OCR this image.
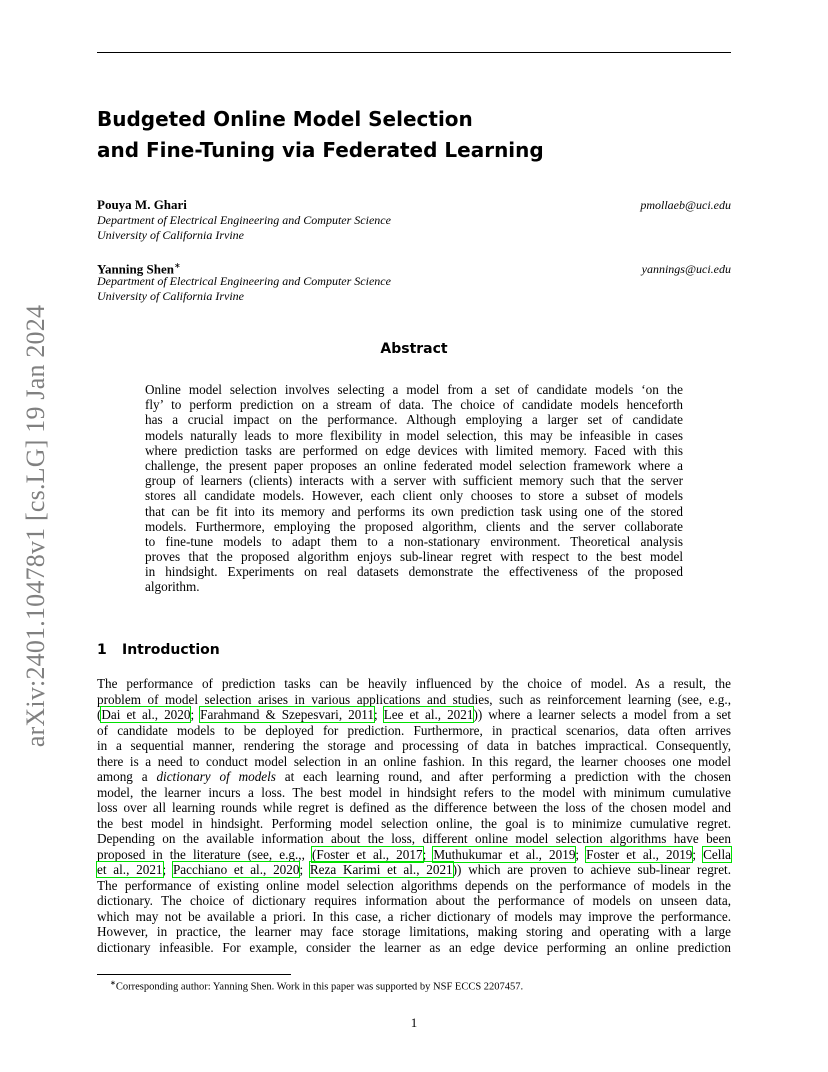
arXiv:2401.10478v1 [cs.LG] 19 Jan 2024
Budgeted Online Model Selection
and Fine-Tuning via Federated Learning
Pouya M. Ghari	pmollaeb@uci.edu
Department of Electrical Engineering and Computer Science
University of California Irvine
Yanning Shen∗	yannings@uci.edu
Department of Electrical Engineering and Computer Science
University of California Irvine
Abstract
Online model selection involves selecting a model from a set of candidate models ‘on the
fly’ to perform prediction on a stream of data. The choice of candidate models henceforth
has a crucial impact on the performance. Although employing a larger set of candidate
models naturally leads to more flexibility in model selection, this may be infeasible in cases
where prediction tasks are performed on edge devices with limited memory. Faced with this
challenge, the present paper proposes an online federated model selection framework where a
group of learners (clients) interacts with a server with sufficient memory such that the server
stores all candidate models. However, each client only chooses to store a subset of models
that can be fit into its memory and performs its own prediction task using one of the stored
models. Furthermore, employing the proposed algorithm, clients and the server collaborate
to fine-tune models to adapt them to a non-stationary environment. Theoretical analysis
proves that the proposed algorithm enjoys sub-linear regret with respect to the best model
in hindsight. Experiments on real datasets demonstrate the effectiveness of the proposed
algorithm.
1 Introduction
The performance of prediction tasks can be heavily influenced by the choice of model. As a result, the
problem of model selection arises in various applications and studies, such as reinforcement learning (see, e.g.,
(Dai et al., 2020; Farahmand & Szepesvari, 2011; Lee et al., 2021)) where a learner selects a model from a set
of candidate models to be deployed for prediction. Furthermore, in practical scenarios, data often arrives
in a sequential manner, rendering the storage and processing of data in batches impractical. Consequently,
there is a need to conduct model selection in an online fashion. In this regard, the learner chooses one model
among a dictionary of models at each learning round, and after performing a prediction with the chosen
model, the learner incurs a loss. The best model in hindsight refers to the model with minimum cumulative
loss over all learning rounds while regret is defined as the difference between the loss of the chosen model and
the best model in hindsight. Performing model selection online, the goal is to minimize cumulative regret.
Depending on the available information about the loss, different online model selection algorithms have been
proposed in the literature (see, e.g.,, (Foster et al., 2017; Muthukumar et al., 2019; Foster et al., 2019; Cella
et al., 2021; Pacchiano et al., 2020; Reza Karimi et al., 2021)) which are proven to achieve sub-linear regret.
The performance of existing online model selection algorithms depends on the performance of models in the
dictionary. The choice of dictionary requires information about the performance of models on unseen data,
which may not be available a priori. In this case, a richer dictionary of models may improve the performance.
However, in practice, the learner may face storage limitations, making storing and operating with a large
dictionary infeasible. For example, consider the learner as an edge device performing an online prediction
∗Corresponding author: Yanning Shen. Work in this paper was supported by NSF ECCS 2207457.
1
